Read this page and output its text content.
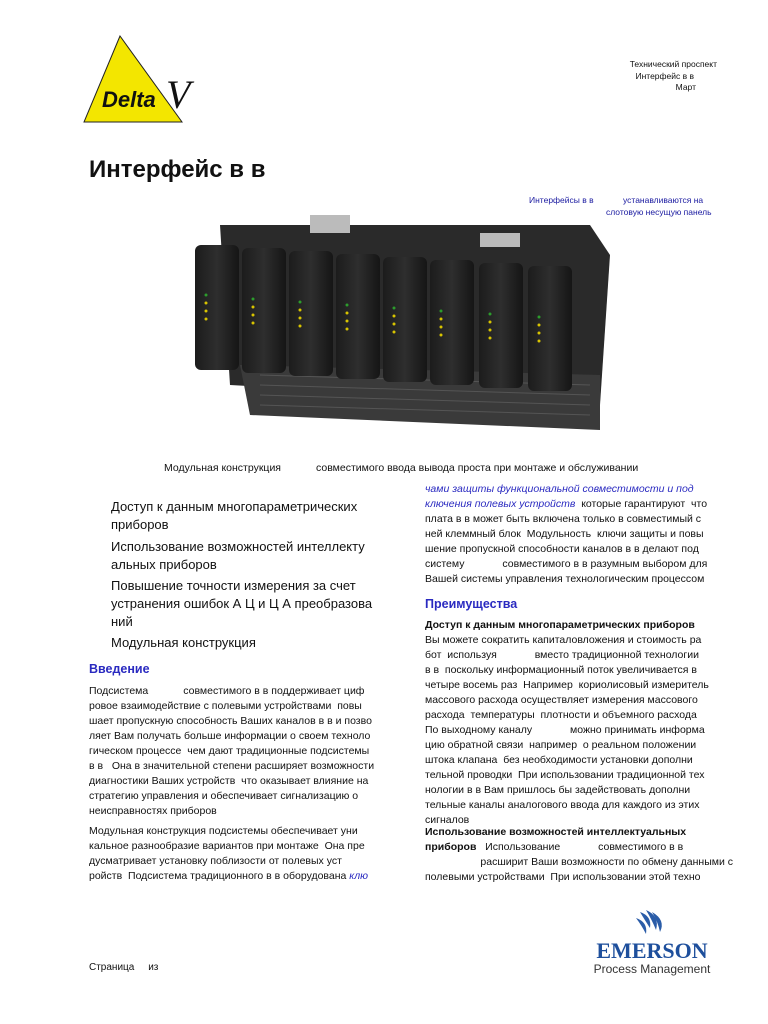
Delta V
Технический проспект
Интерфейс в в
Март
Интерфейс в в
Интерфейсы в в	устанавливаются на
слотовую несущую панель
Модульная конструкция	совместимого ввода вывода проста при монтаже и обслуживании
Доступ к данным многопараметрических приборов
Использование возможностей интеллекту альных приборов
Повышение точности измерения за счет устранения ошибок А Ц и Ц А преобразова ний
Модульная конструкция
Введение
Подсистема            совместимого в в поддерживает циф
ровое взаимодействие с полевыми устройствами  повы
шает пропускную способность Ваших каналов в в и позво
ляет Вам получать больше информации о своем техноло
гическом процессе  чем дают традиционные подсистемы
в в   Она в значительной степени расширяет возможности
диагностики Ваших устройств  что оказывает влияние на
стратегию управления и обеспечивает сигнализацию о
неисправностях приборов
Модульная конструкция подсистемы обеспечивает уни
кальное разнообразие вариантов при монтаже  Она пре
дусматривает установку поблизости от полевых уст
ройств  Подсистема традиционного в в оборудована клю
чами защиты функциональной совместимости и под
ключения полевых устройств  которые гарантируют  что
плата в в может быть включена только в совместимый с
ней клеммный блок  Модульность  ключи защиты и повы
шение пропускной способности каналов в в делают под
систему             совместимого в в разумным выбором для
Вашей системы управления технологическим процессом
Преимущества
Доступ к данным многопараметрических приборов
Вы можете сократить капиталовложения и стоимость ра
бот  используя             вместо традиционной технологии
в в  поскольку информационный поток увеличивается в
четыре восемь раз  Например  кориолисовый измеритель
массового расхода осуществляет измерения массового
расхода  температуры  плотности и объемного расхода
По выходному каналу             можно принимать информа
цию обратной связи  например  о реальном положении
штока клапана  без необходимости установки дополни
тельной проводки  При использовании традиционной тех
нологии в в Вам пришлось бы задействовать дополни
тельные каналы аналогового ввода для каждого из этих
сигналов
Использование возможностей интеллектуальных
приборов   Использование             совместимого в в
расширит Ваши возможности по обмену данными с
полевыми устройствами  При использовании этой техно
Страница     из
EMERSON
Process Management
